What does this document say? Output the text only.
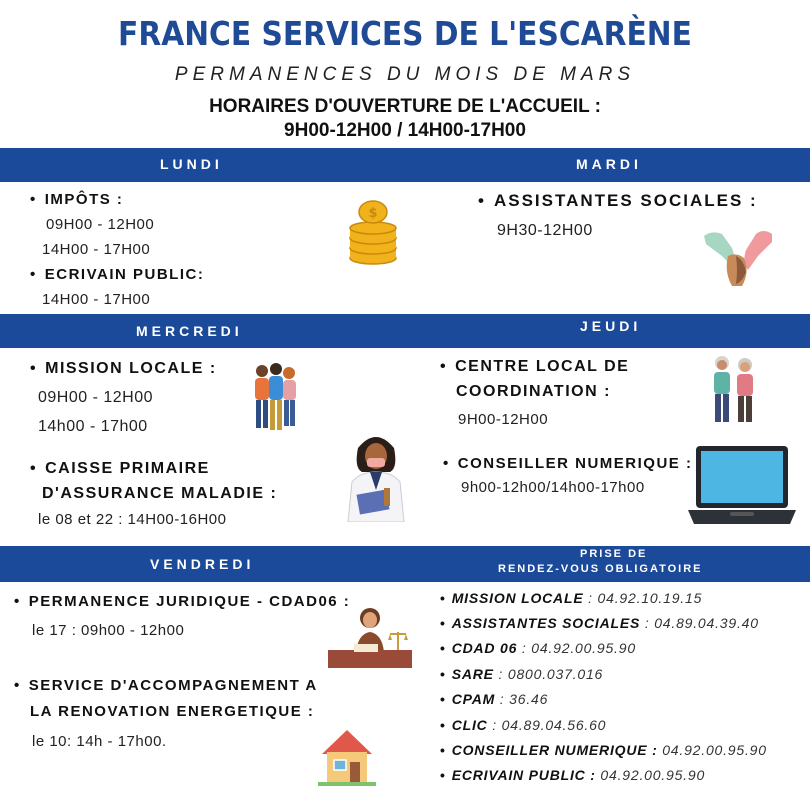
FRANCE SERVICES DE L'ESCARÈNE
PERMANENCES DU MOIS DE MARS
HORAIRES D'OUVERTURE DE L'ACCUEIL :
9H00-12H00 / 14H00-17H00
LUNDI	MARDI
• IMPÔTS :
09H00 - 12H00
14H00 - 17H00
• ECRIVAIN PUBLIC:
14H00 - 17H00
$
• ASSISTANTES SOCIALES :
9H30-12H00
MERCREDI	JEUDI
• MISSION LOCALE :
09H00 - 12H00
14h00 - 17h00
• CAISSE PRIMAIRE
D'ASSURANCE MALADIE :
le 08 et 22 : 14H00-16H00
• CENTRE LOCAL DE
COORDINATION :
9H00-12H00
• CONSEILLER NUMERIQUE :
9h00-12h00/14h00-17h00
VENDREDI
PRISE DE
RENDEZ-VOUS OBLIGATOIRE
• PERMANENCE JURIDIQUE - CDAD06 :
le 17 : 09h00 - 12h00
• SERVICE D'ACCOMPAGNEMENT A
LA RENOVATION ENERGETIQUE :
le 10: 14h - 17h00.
• MISSION LOCALE : 04.92.10.19.15
• ASSISTANTES SOCIALES : 04.89.04.39.40
• CDAD 06 : 04.92.00.95.90
• SARE : 0800.037.016
• CPAM : 36.46
• CLIC : 04.89.04.56.60
• CONSEILLER NUMERIQUE : 04.92.00.95.90
• ECRIVAIN PUBLIC : 04.92.00.95.90
